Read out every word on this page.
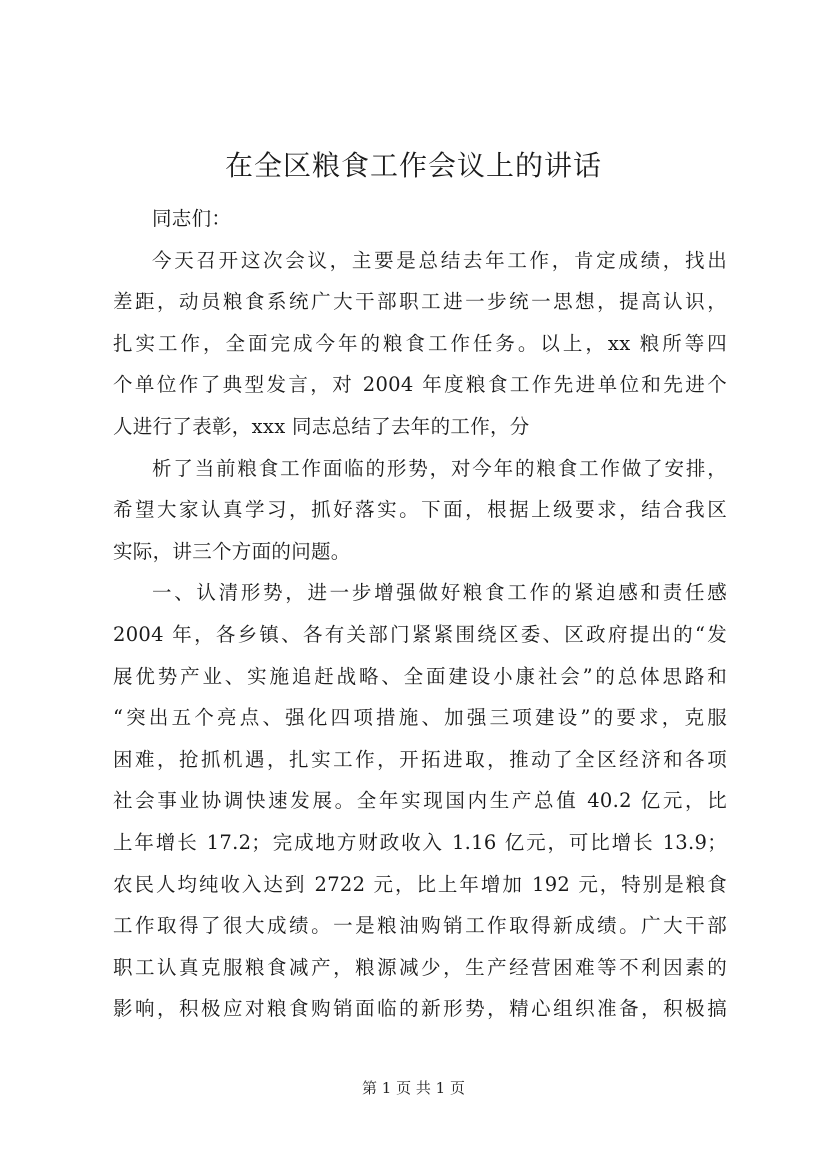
在全区粮食工作会议上的讲话
同志们：
今天召开这次会议，主要是总结去年工作，肯定成绩，找出
差距，动员粮食系统广大干部职工进一步统一思想，提高认识，
扎实工作，全面完成今年的粮食工作任务。以上，xx 粮所等四
个单位作了典型发言，对 2004 年度粮食工作先进单位和先进个
人进行了表彰，xxx 同志总结了去年的工作，分
析了当前粮食工作面临的形势，对今年的粮食工作做了安排，
希望大家认真学习，抓好落实。下面，根据上级要求，结合我区
实际，讲三个方面的问题。
一、认清形势，进一步增强做好粮食工作的紧迫感和责任感
2004 年，各乡镇、各有关部门紧紧围绕区委、区政府提出的“发
展优势产业、实施追赶战略、全面建设小康社会”的总体思路和
“突出五个亮点、强化四项措施、加强三项建设”的要求，克服
困难，抢抓机遇，扎实工作，开拓进取，推动了全区经济和各项
社会事业协调快速发展。全年实现国内生产总值 40.2 亿元，比
上年增长 17.2；完成地方财政收入 1.16 亿元，可比增长 13.9；
农民人均纯收入达到 2722 元，比上年增加 192 元，特别是粮食
工作取得了很大成绩。一是粮油购销工作取得新成绩。广大干部
职工认真克服粮食减产，粮源减少，生产经营困难等不利因素的
影响，积极应对粮食购销面临的新形势，精心组织准备，积极搞
第 1 页 共 1 页
